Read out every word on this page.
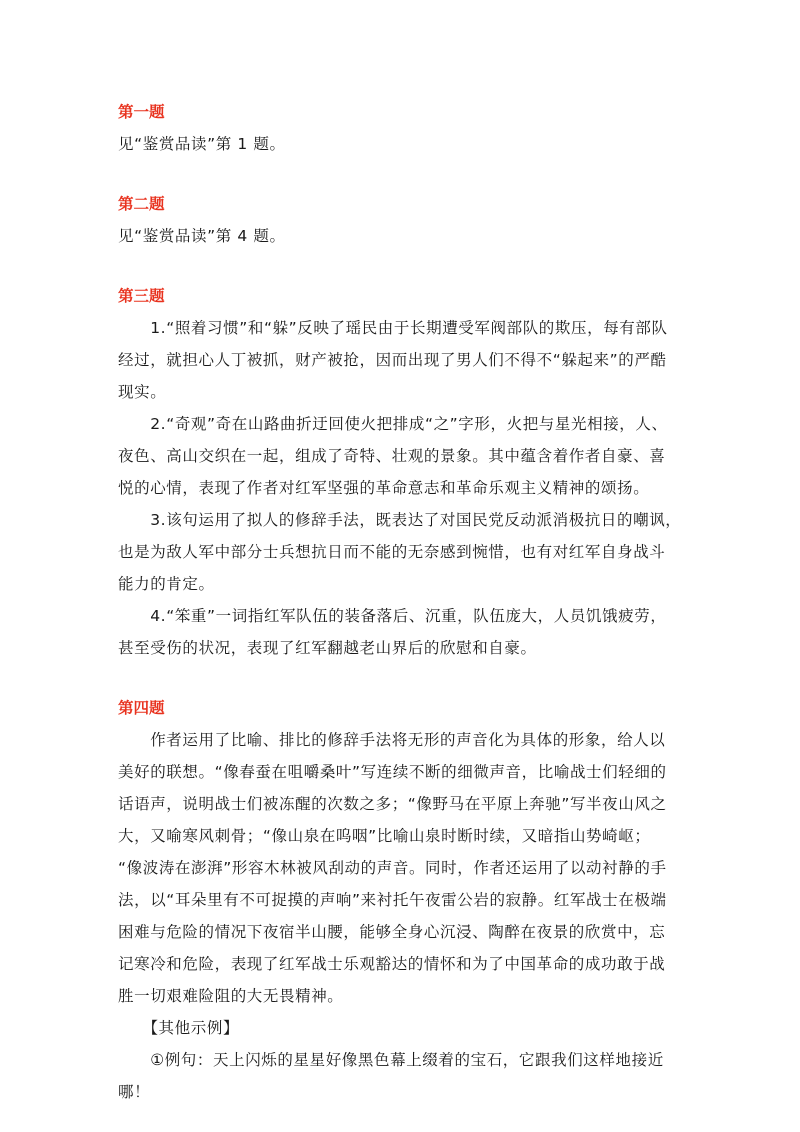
第一题
见“鉴赏品读”第 1 题。
第二题
见“鉴赏品读”第 4 题。
第三题
　　1.“照着习惯”和“躲”反映了瑶民由于长期遭受军阀部队的欺压，每有部队
经过，就担心人丁被抓，财产被抢，因而出现了男人们不得不“躲起来”的严酷
现实。
　　2.“奇观”奇在山路曲折迂回使火把排成“之”字形，火把与星光相接，人、
夜色、高山交织在一起，组成了奇特、壮观的景象。其中蕴含着作者自豪、喜
悦的心情，表现了作者对红军坚强的革命意志和革命乐观主义精神的颂扬。
　　3.该句运用了拟人的修辞手法，既表达了对国民党反动派消极抗日的嘲讽，
也是为敌人军中部分士兵想抗日而不能的无奈感到惋惜，也有对红军自身战斗
能力的肯定。
　　4.“笨重”一词指红军队伍的装备落后、沉重，队伍庞大，人员饥饿疲劳，
甚至受伤的状况，表现了红军翻越老山界后的欣慰和自豪。
第四题
　　作者运用了比喻、排比的修辞手法将无形的声音化为具体的形象，给人以
美好的联想。“像春蚕在咀嚼桑叶”写连续不断的细微声音，比喻战士们轻细的
话语声，说明战士们被冻醒的次数之多；“像野马在平原上奔驰”写半夜山风之
大，又喻寒风刺骨；“像山泉在呜咽”比喻山泉时断时续，又暗指山势崎岖；
“像波涛在澎湃”形容木林被风刮动的声音。同时，作者还运用了以动衬静的手
法，以“耳朵里有不可捉摸的声响”来衬托午夜雷公岩的寂静。红军战士在极端
困难与危险的情况下夜宿半山腰，能够全身心沉浸、陶醉在夜景的欣赏中，忘
记寒冷和危险，表现了红军战士乐观豁达的情怀和为了中国革命的成功敢于战
胜一切艰难险阻的大无畏精神。
　　【其他示例】
　　①例句：天上闪烁的星星好像黑色幕上缀着的宝石，它跟我们这样地接近
哪！
